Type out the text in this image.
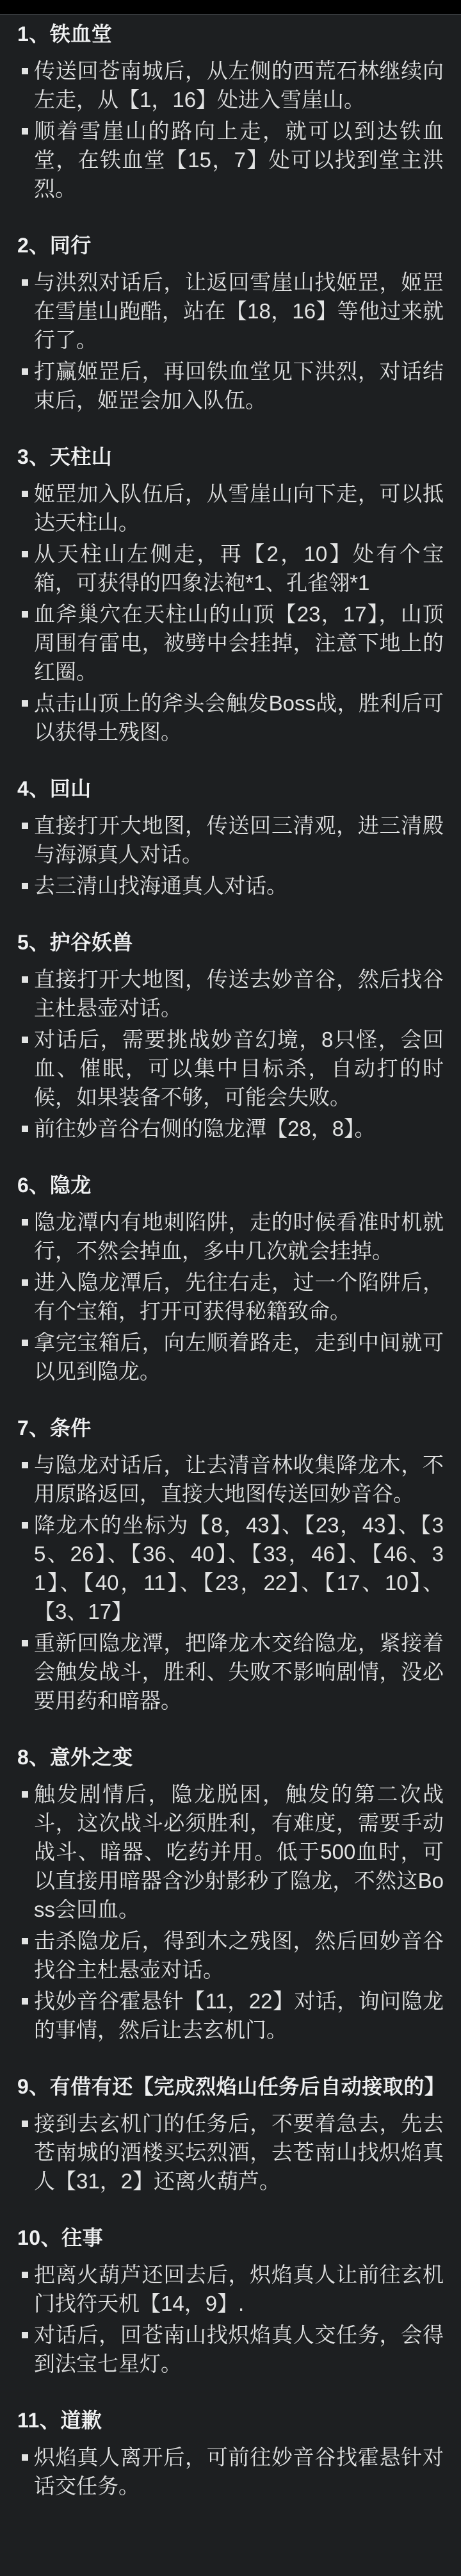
1、铁血堂
传送回苍南城后，从左侧的西荒石林继续向左走，从【1，16】处进入雪崖山。
顺着雪崖山的路向上走，就可以到达铁血堂，在铁血堂【15，7】处可以找到堂主洪烈。
2、同行
与洪烈对话后，让返回雪崖山找姬罡，姬罡在雪崖山跑酷，站在【18，16】等他过来就行了。
打赢姬罡后，再回铁血堂见下洪烈，对话结束后，姬罡会加入队伍。
3、天柱山
姬罡加入队伍后，从雪崖山向下走，可以抵达天柱山。
从天柱山左侧走，再【2，10】处有个宝箱，可获得的四象法袍*1、孔雀翎*1
血斧巢穴在天柱山的山顶【23，17】，山顶周围有雷电，被劈中会挂掉，注意下地上的红圈。
点击山顶上的斧头会触发Boss战，胜利后可以获得土残图。
4、回山
直接打开大地图，传送回三清观，进三清殿与海源真人对话。
去三清山找海通真人对话。
5、护谷妖兽
直接打开大地图，传送去妙音谷，然后找谷主杜悬壶对话。
对话后，需要挑战妙音幻境，8只怪，会回血、催眠，可以集中目标杀，自动打的时候，如果装备不够，可能会失败。
前往妙音谷右侧的隐龙潭【28，8】。
6、隐龙
隐龙潭内有地刺陷阱，走的时候看准时机就行，不然会掉血，多中几次就会挂掉。
进入隐龙潭后，先往右走，过一个陷阱后，有个宝箱，打开可获得秘籍致命。
拿完宝箱后，向左顺着路走，走到中间就可以见到隐龙。
7、条件
与隐龙对话后，让去清音林收集降龙木，不用原路返回，直接大地图传送回妙音谷。
降龙木的坐标为【8，43】、【23，43】、【35、26】、【36、40】、【33，46】、【46、31】、【40，11】、【23，22】、【17、10】、【3、17】
重新回隐龙潭，把降龙木交给隐龙，紧接着会触发战斗，胜利、失败不影响剧情，没必要用药和暗器。
8、意外之变
触发剧情后，隐龙脱困，触发的第二次战斗，这次战斗必须胜利，有难度，需要手动战斗、暗器、吃药并用。低于500血时，可以直接用暗器含沙射影秒了隐龙，不然这Boss会回血。
击杀隐龙后，得到木之残图，然后回妙音谷找谷主杜悬壶对话。
找妙音谷霍悬针【11，22】对话，询问隐龙的事情，然后让去玄机门。
9、有借有还【完成烈焰山任务后自动接取的】
接到去玄机门的任务后，不要着急去，先去苍南城的酒楼买坛烈酒，去苍南山找炽焰真人【31，2】还离火葫芦。
10、往事
把离火葫芦还回去后，炽焰真人让前往玄机门找符天机【14，9】.
对话后，回苍南山找炽焰真人交任务，会得到法宝七星灯。
11、道歉
炽焰真人离开后，可前往妙音谷找霍悬针对话交任务。
